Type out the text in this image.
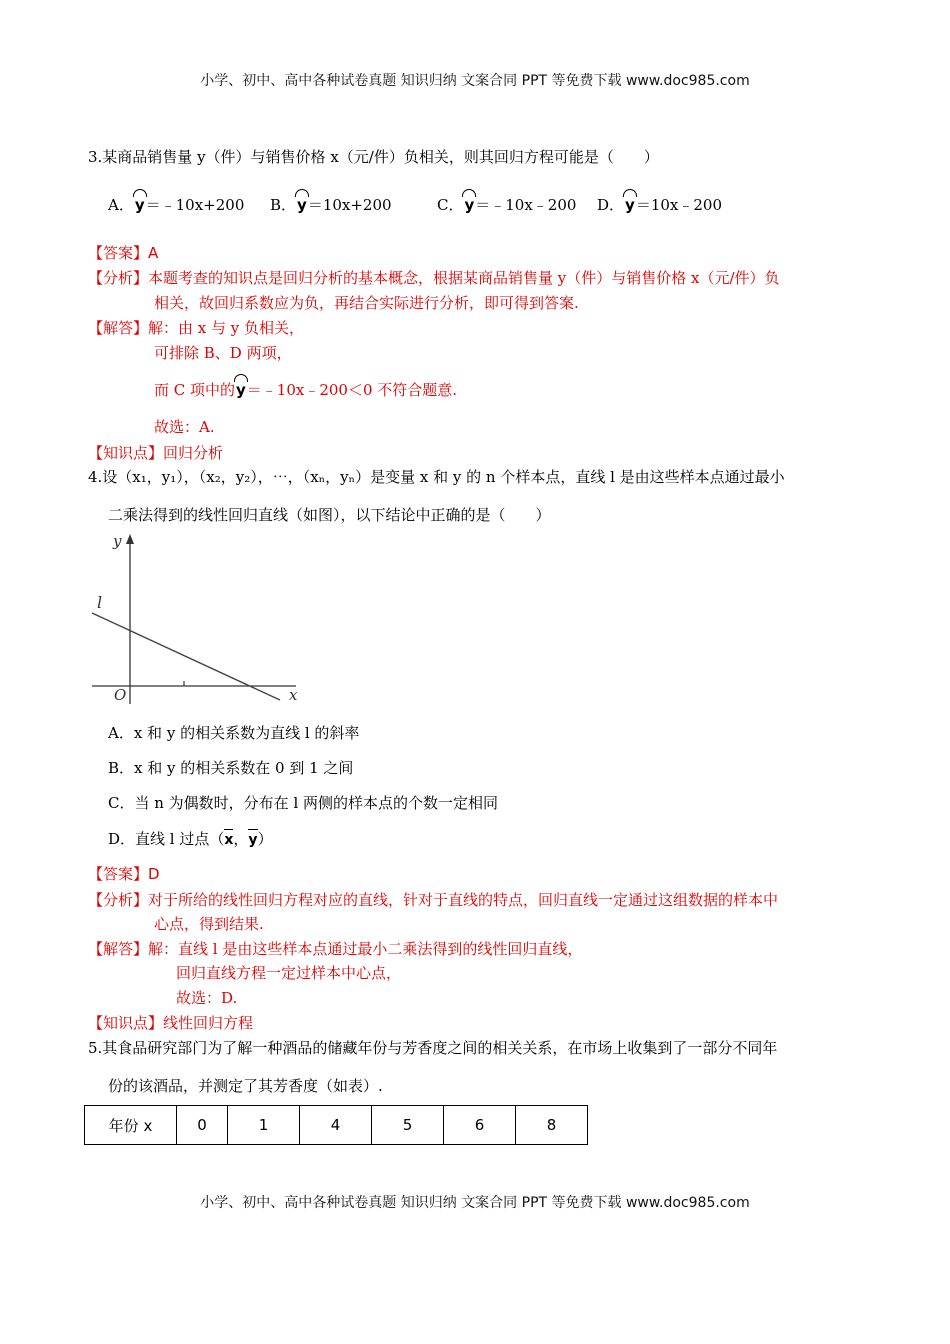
小学、初中、高中各种试卷真题 知识归纳 文案合同 PPT 等免费下载 www.doc985.com
3.某商品销售量 y（件）与销售价格 x（元/件）负相关，则其回归方程可能是（　　）
A．y＝﹣10x+200 B．y＝10x+200	C．y＝﹣10x﹣200 D．y＝10x﹣200
【答案】A
【分析】本题考查的知识点是回归分析的基本概念，根据某商品销售量 y（件）与销售价格 x（元/件）负
相关，故回归系数应为负，再结合实际进行分析，即可得到答案.
【解答】解：由 x 与 y 负相关，
可排除 B、D 两项，
而 C 项中的y＝﹣10x﹣200＜0 不符合题意.
故选：A.
【知识点】回归分析
4.设（x₁，y₁），（x₂，y₂），⋯，（xₙ，yₙ）是变量 x 和 y 的 n 个样本点，直线 l 是由这些样本点通过最小
二乘法得到的线性回归直线（如图），以下结论中正确的是（　　）
y
x
O
l
A．x 和 y 的相关系数为直线 l 的斜率
B．x 和 y 的相关系数在 0 到 1 之间
C．当 n 为偶数时，分布在 l 两侧的样本点的个数一定相同
D．直线 l 过点（x，y）
【答案】D
【分析】对于所给的线性回归方程对应的直线，针对于直线的特点，回归直线一定通过这组数据的样本中
心点，得到结果.
【解答】解：直线 l 是由这些样本点通过最小二乘法得到的线性回归直线，
回归直线方程一定过样本中心点，
故选：D.
【知识点】线性回归方程
5.其食品研究部门为了解一种酒品的储藏年份与芳香度之间的相关关系，在市场上收集到了一部分不同年
份的该酒品，并测定了其芳香度（如表）.
年份 x	0	1	4	5	6	8
小学、初中、高中各种试卷真题 知识归纳 文案合同 PPT 等免费下载 www.doc985.com
